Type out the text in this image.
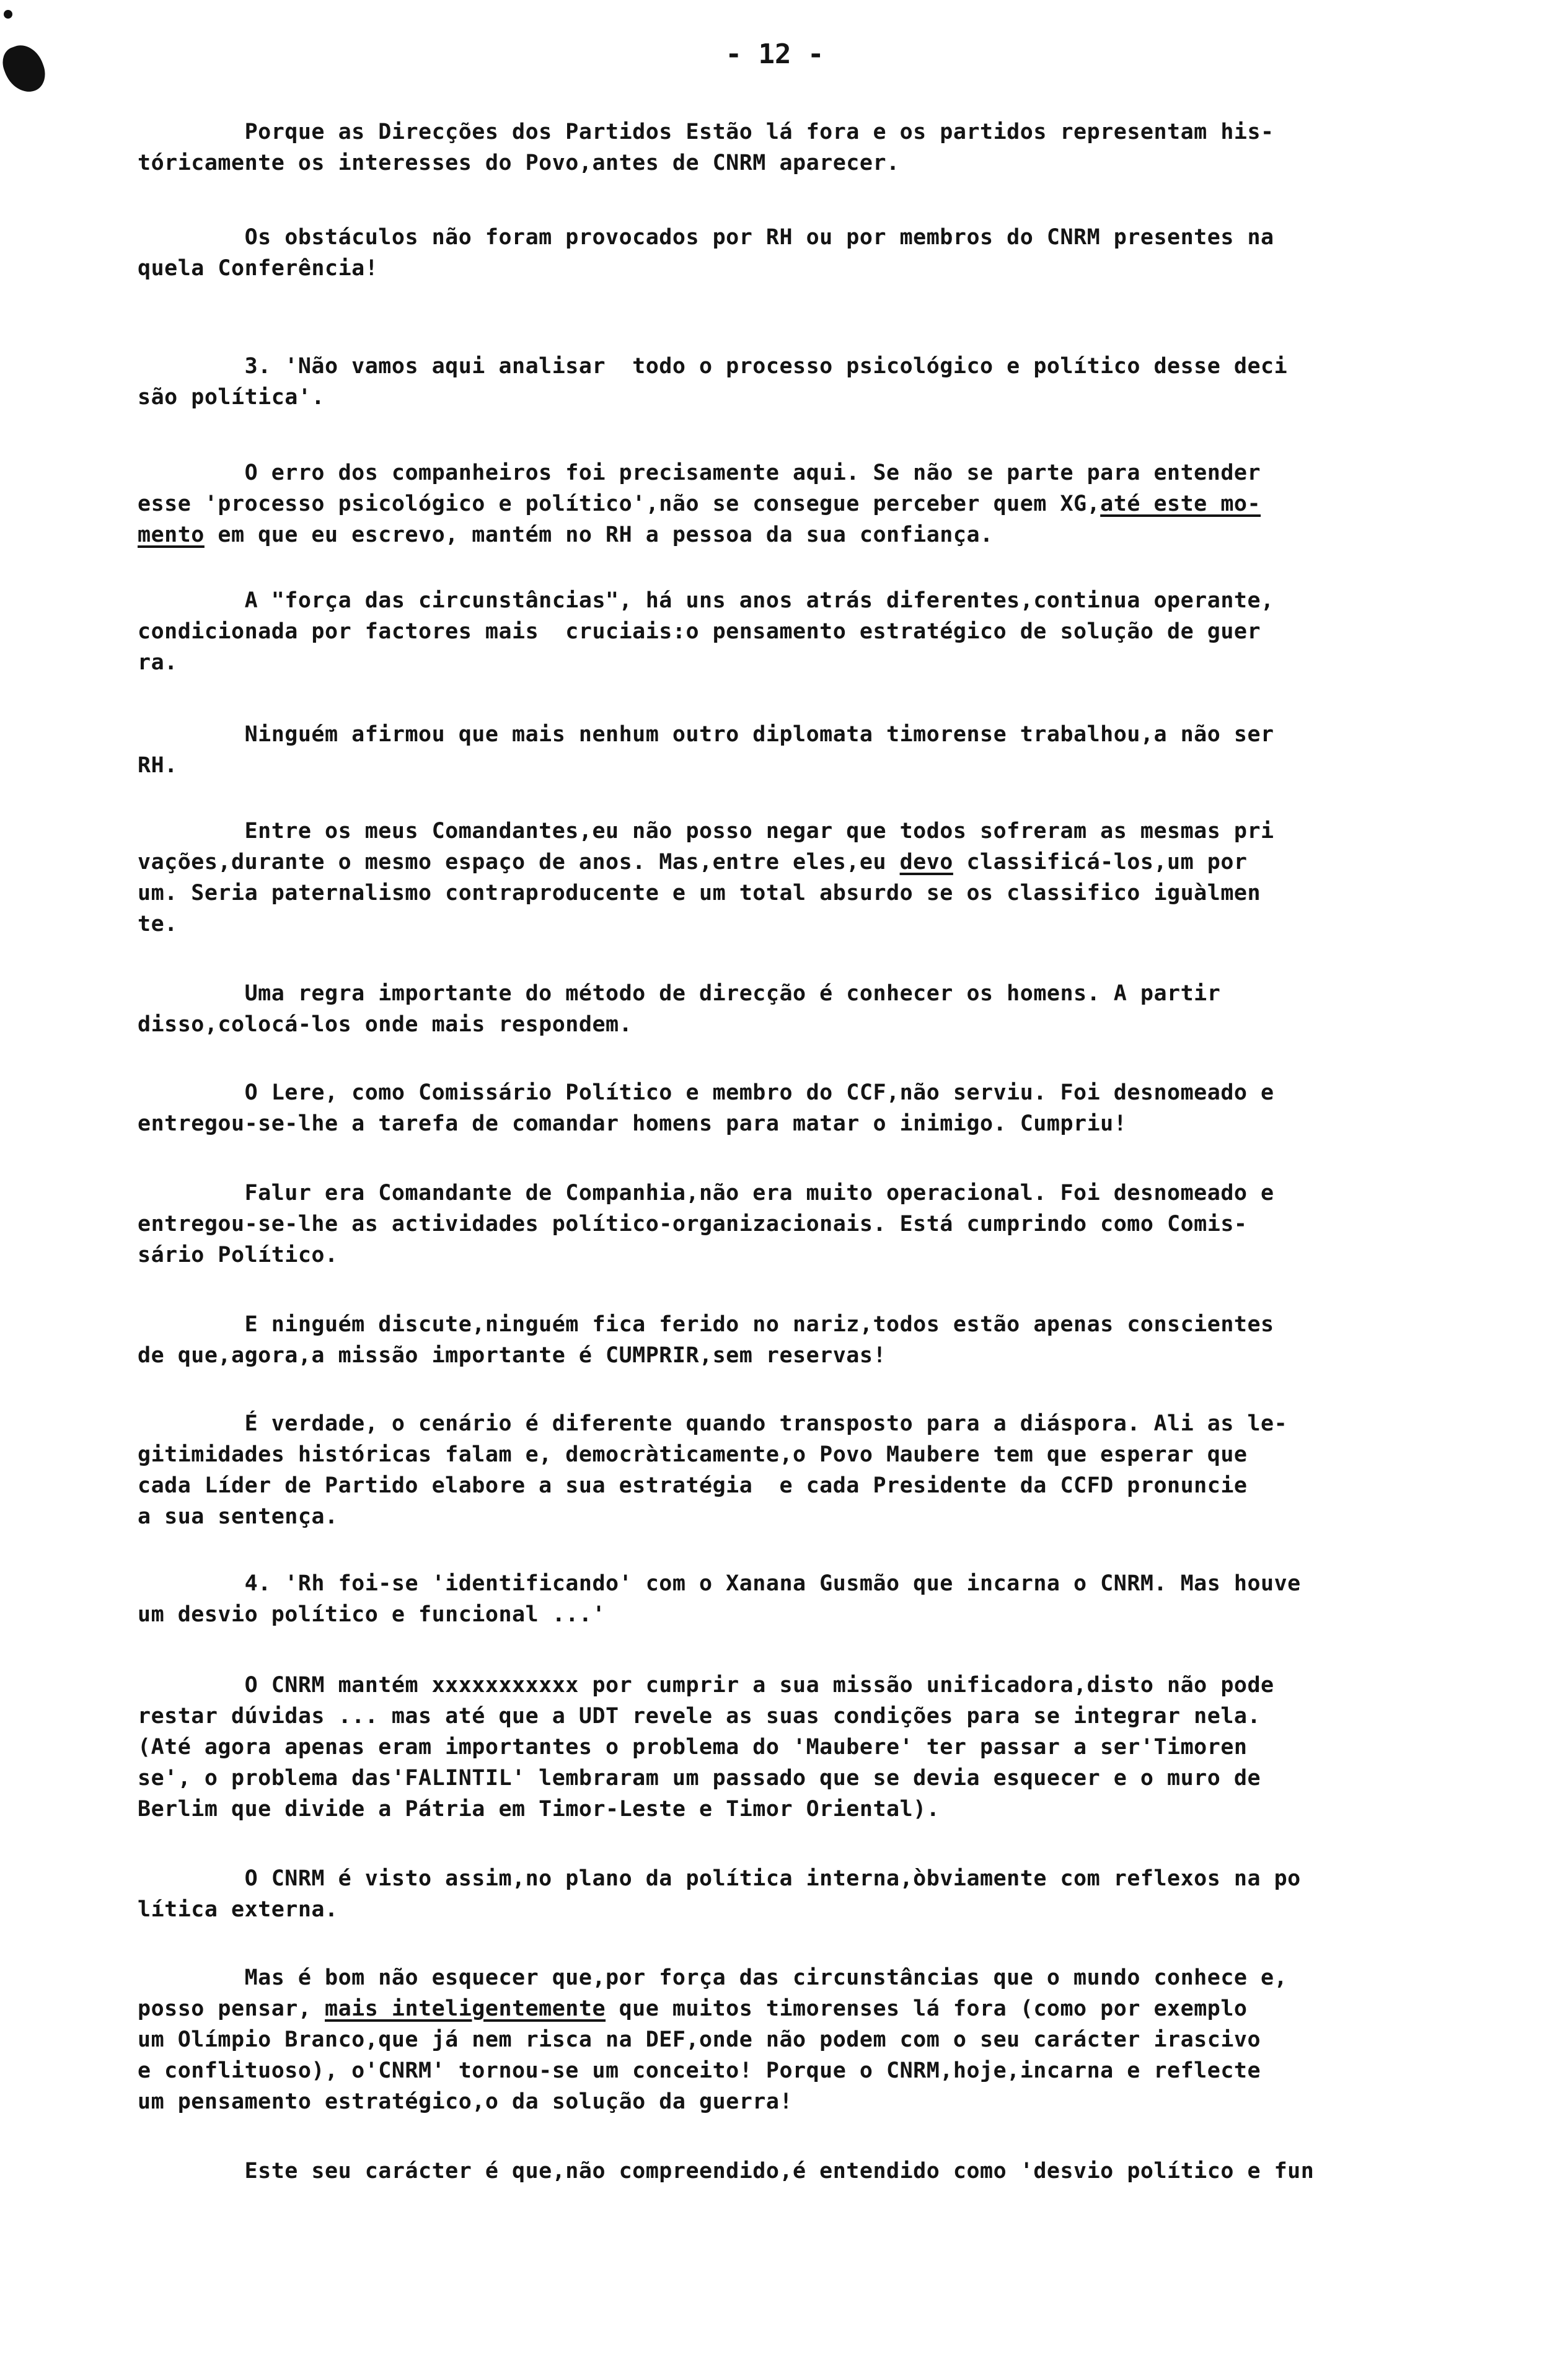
- 12 -
Porque as Direcções dos Partidos Estão lá fora e os partidos representam his-
tóricamente os interesses do Povo,antes de CNRM aparecer.
Os obstáculos não foram provocados por RH ou por membros do CNRM presentes na
quela Conferência!
3. 'Não vamos aqui analisar  todo o processo psicológico e político desse deci
são política'.
O erro dos companheiros foi precisamente aqui. Se não se parte para entender
esse 'processo psicológico e político',não se consegue perceber quem XG,até este mo-
mento em que eu escrevo, mantém no RH a pessoa da sua confiança.
A "força das circunstâncias", há uns anos atrás diferentes,continua operante,
condicionada por factores mais  cruciais:o pensamento estratégico de solução de guer
ra.
Ninguém afirmou que mais nenhum outro diplomata timorense trabalhou,a não ser
RH.
Entre os meus Comandantes,eu não posso negar que todos sofreram as mesmas pri
vações,durante o mesmo espaço de anos. Mas,entre eles,eu devo classificá-los,um por
um. Seria paternalismo contraproducente e um total absurdo se os classifico iguàlmen
te.
Uma regra importante do método de direcção é conhecer os homens. A partir
disso,colocá-los onde mais respondem.
O Lere, como Comissário Político e membro do CCF,não serviu. Foi desnomeado e
entregou-se-lhe a tarefa de comandar homens para matar o inimigo. Cumpriu!
Falur era Comandante de Companhia,não era muito operacional. Foi desnomeado e
entregou-se-lhe as actividades político-organizacionais. Está cumprindo como Comis-
sário Político.
E ninguém discute,ninguém fica ferido no nariz,todos estão apenas conscientes
de que,agora,a missão importante é CUMPRIR,sem reservas!
É verdade, o cenário é diferente quando transposto para a diáspora. Ali as le-
gitimidades históricas falam e, democràticamente,o Povo Maubere tem que esperar que
cada Líder de Partido elabore a sua estratégia  e cada Presidente da CCFD pronuncie
a sua sentença.
4. 'Rh foi-se 'identificando' com o Xanana Gusmão que incarna o CNRM. Mas houve
um desvio político e funcional ...'
O CNRM mantém xxxxxxxxxxx por cumprir a sua missão unificadora,disto não pode
restar dúvidas ... mas até que a UDT revele as suas condições para se integrar nela.
(Até agora apenas eram importantes o problema do 'Maubere' ter passar a ser'Timoren
se', o problema das'FALINTIL' lembraram um passado que se devia esquecer e o muro de
Berlim que divide a Pátria em Timor-Leste e Timor Oriental).
O CNRM é visto assim,no plano da política interna,òbviamente com reflexos na po
lítica externa.
Mas é bom não esquecer que,por força das circunstâncias que o mundo conhece e,
posso pensar, mais inteligentemente que muitos timorenses lá fora (como por exemplo
um Olímpio Branco,que já nem risca na DEF,onde não podem com o seu carácter irascivo
e conflituoso), o'CNRM' tornou-se um conceito! Porque o CNRM,hoje,incarna e reflecte
um pensamento estratégico,o da solução da guerra!
Este seu carácter é que,não compreendido,é entendido como 'desvio político e fun
